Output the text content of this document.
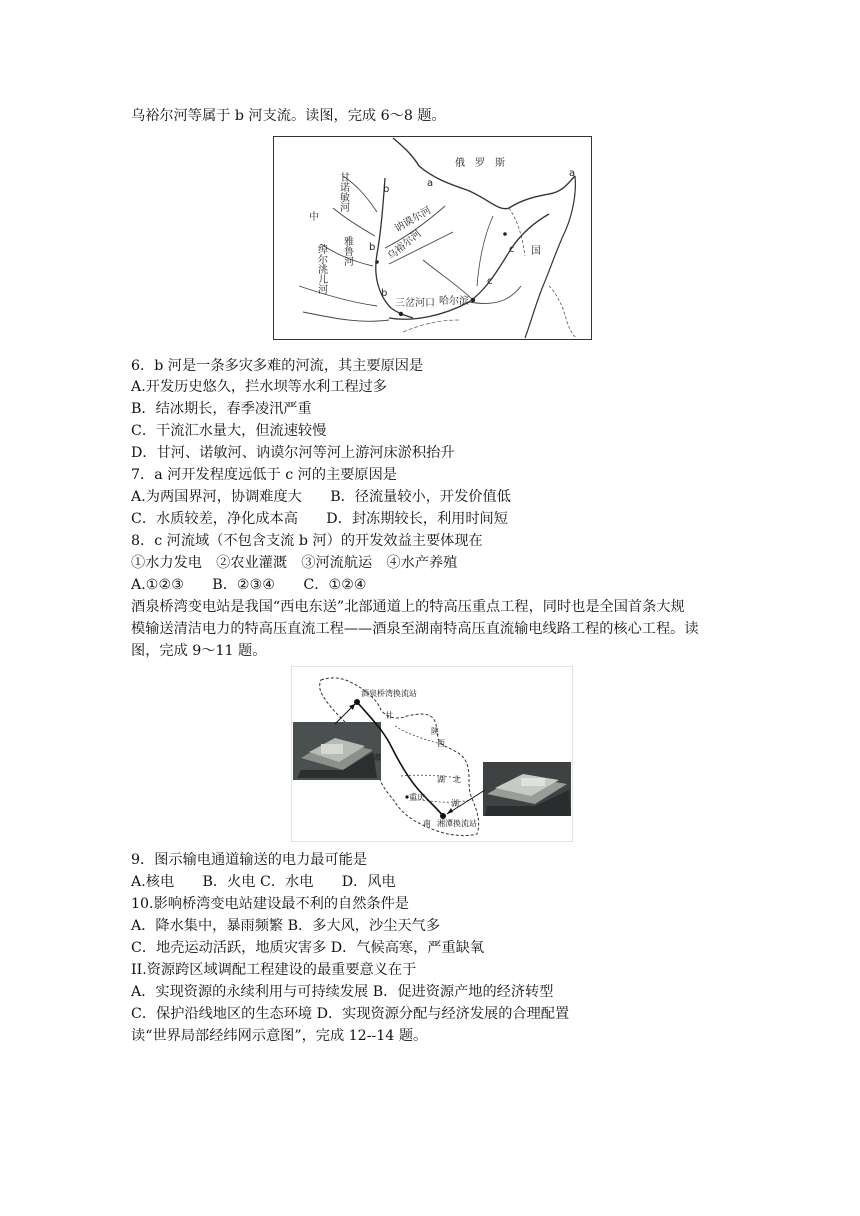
乌裕尔河等属于 b 河支流。读图，完成 6～8 题。
俄　罗　斯
中
国
甘诺敏河
雅鲁河
绰尔洮儿河
讷谟尔河
乌裕尔河
三岔河口 哈尔滨
a
a
b
b
b
c
c
6．b 河是一条多灾多难的河流，其主要原因是
A.开发历史悠久，拦水坝等水利工程过多
B．结冰期长，春季凌汛严重
C．干流汇水量大，但流速较慢
D．甘河、诺敏河、讷谟尔河等河上游河床淤积抬升
7．a 河开发程度远低于 c 河的主要原因是
A.为两国界河，协调难度大　　B．径流量较小，开发价值低
C．水质较差，净化成本高　　D．封冻期较长，利用时间短
8．c 河流域（不包含支流 b 河）的开发效益主要体现在
①水力发电　②农业灌溉　③河流航运　④水产养殖
A.①②③　　B．②③④　　C．①②④
酒泉桥湾变电站是我国“西电东送”北部通道上的特高压重点工程，同时也是全国首条大规
模输送清洁电力的特高压直流工程——酒泉至湖南特高压直流输电线路工程的核心工程。读
图，完成 9～11 题。
酒泉桥湾换流站
甘
肃
陕
西
湖 北
重庆
湖
南 湘潭换流站
9．图示输电通道输送的电力最可能是
A.核电　　B．火电 C．水电　　D．风电
10.影响桥湾变电站建设最不利的自然条件是
A．降水集中，暴雨频繁 B．多大风，沙尘天气多
C．地壳运动活跃，地质灾害多 D．气候高寒，严重缺氧
II.资源跨区域调配工程建设的最重要意义在于
A．实现资源的永续利用与可持续发展 B．促进资源产地的经济转型
C．保护沿线地区的生态环境 D．实现资源分配与经济发展的合理配置
读“世界局部经纬网示意图”，完成 12--14 题。
